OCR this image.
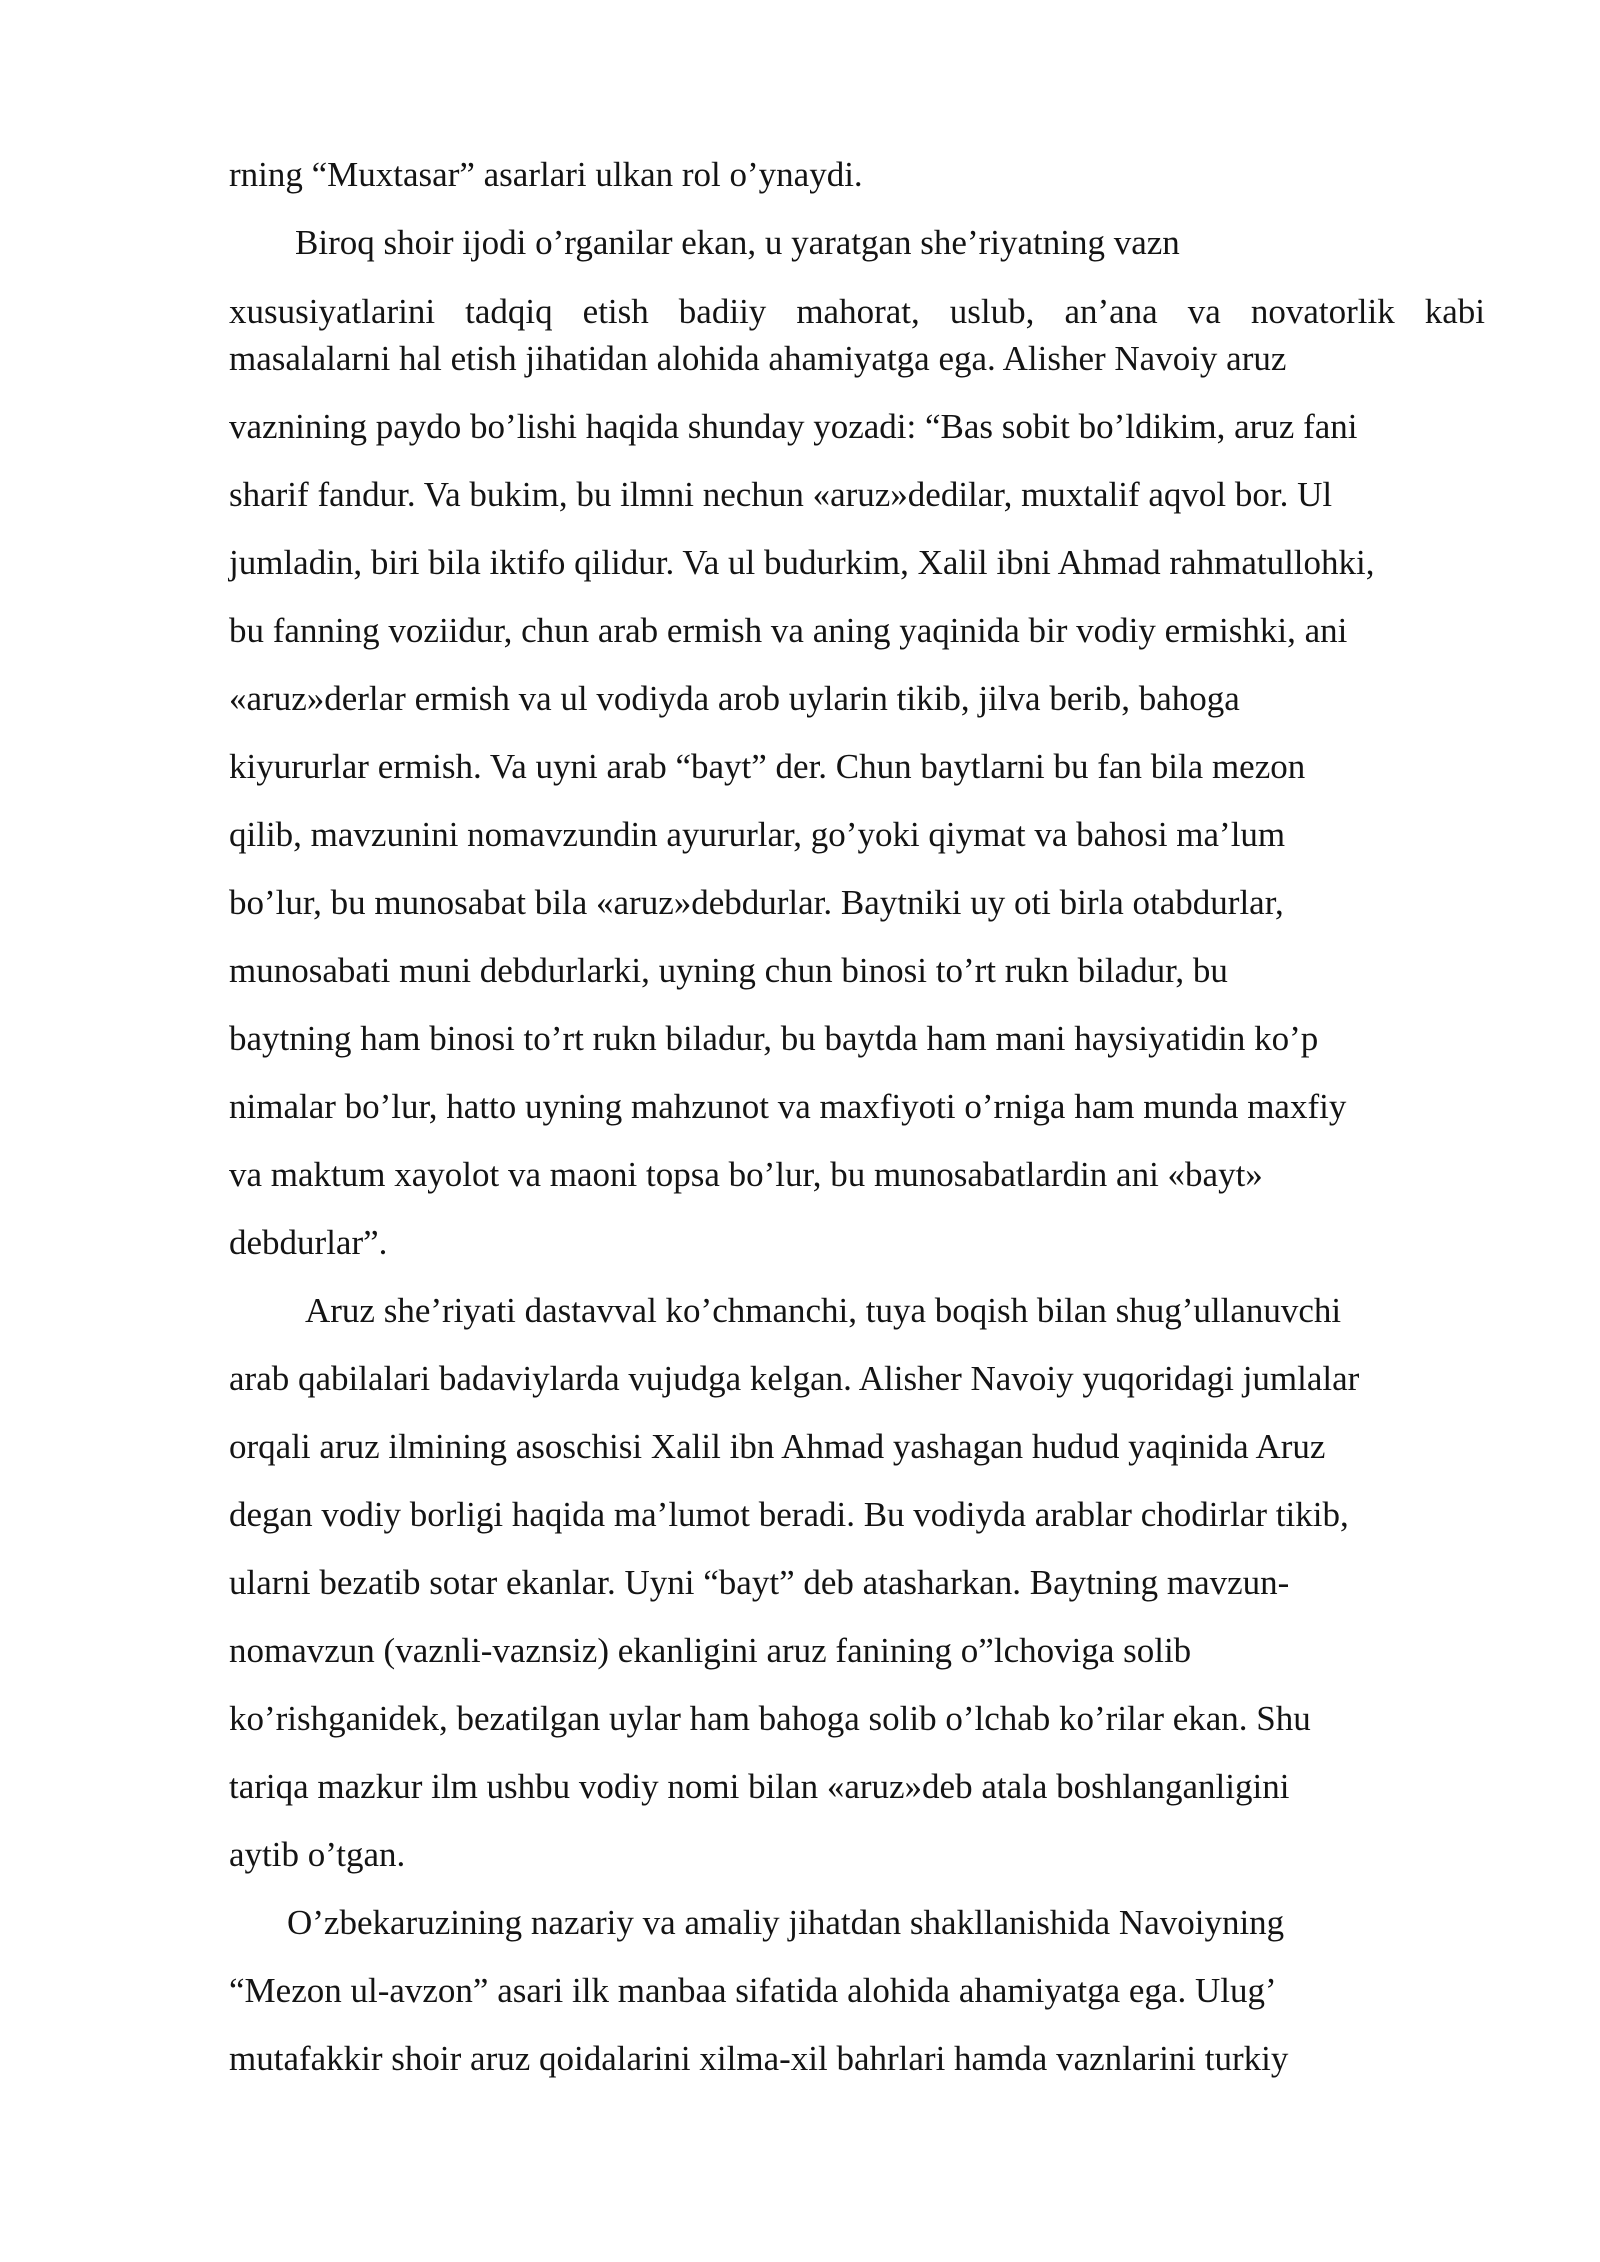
rning “Muxtasar” asarlari ulkan rol o’ynaydi.
Biroq shoir ijodi o’rganilar ekan, u yaratgan she’riyatning vazn
xususiyatlarini tadqiq etish badiiy mahorat, uslub, an’ana va novatorlik kabi
masalalarni hal etish jihatidan alohida ahamiyatga ega. Alisher Navoiy aruz
vaznining paydo bo’lishi haqida shunday yozadi: “Bas sobit bo’ldikim, aruz fani
sharif fandur. Va bukim, bu ilmni nechun «aruz»dedilar, muxtalif aqvol bor. Ul
jumladin, biri bila iktifo qilidur. Va ul budurkim, Xalil ibni Ahmad rahmatullohki,
bu fanning voziidur, chun arab ermish va aning yaqinida bir vodiy ermishki, ani
«aruz»derlar ermish va ul vodiyda arob uylarin tikib, jilva berib, bahoga
kiyururlar ermish. Va uyni arab “bayt” der. Chun baytlarni bu fan bila mezon
qilib, mavzunini nomavzundin ayururlar, go’yoki qiymat va bahosi ma’lum
bo’lur, bu munosabat bila «aruz»debdurlar. Baytniki uy oti birla otabdurlar,
munosabati muni debdurlarki, uyning chun binosi to’rt rukn biladur, bu
baytning ham binosi to’rt rukn biladur, bu baytda ham mani haysiyatidin ko’p
nimalar bo’lur, hatto uyning mahzunot va maxfiyoti o’rniga ham munda maxfiy
va maktum xayolot va maoni topsa bo’lur, bu munosabatlardin ani «bayt»
debdurlar”.
Aruz she’riyati dastavval ko’chmanchi, tuya boqish bilan shug’ullanuvchi
arab qabilalari badaviylarda vujudga kelgan. Alisher Navoiy yuqoridagi jumlalar
orqali aruz ilmining asoschisi Xalil ibn Ahmad yashagan hudud yaqinida Aruz
degan vodiy borligi haqida ma’lumot beradi. Bu vodiyda arablar chodirlar tikib,
ularni bezatib sotar ekanlar. Uyni “bayt” deb atasharkan. Baytning mavzun-
nomavzun (vaznli-vaznsiz) ekanligini aruz fanining o”lchoviga solib
ko’rishganidek, bezatilgan uylar ham bahoga solib o’lchab ko’rilar ekan. Shu
tariqa mazkur ilm ushbu vodiy nomi bilan «aruz»deb atala boshlanganligini
aytib o’tgan.
O’zbekaruzining nazariy va amaliy jihatdan shakllanishida Navoiyning
“Mezon ul-avzon” asari ilk manbaa sifatida alohida ahamiyatga ega. Ulug’
mutafakkir shoir aruz qoidalarini xilma-xil bahrlari hamda vaznlarini turkiy
